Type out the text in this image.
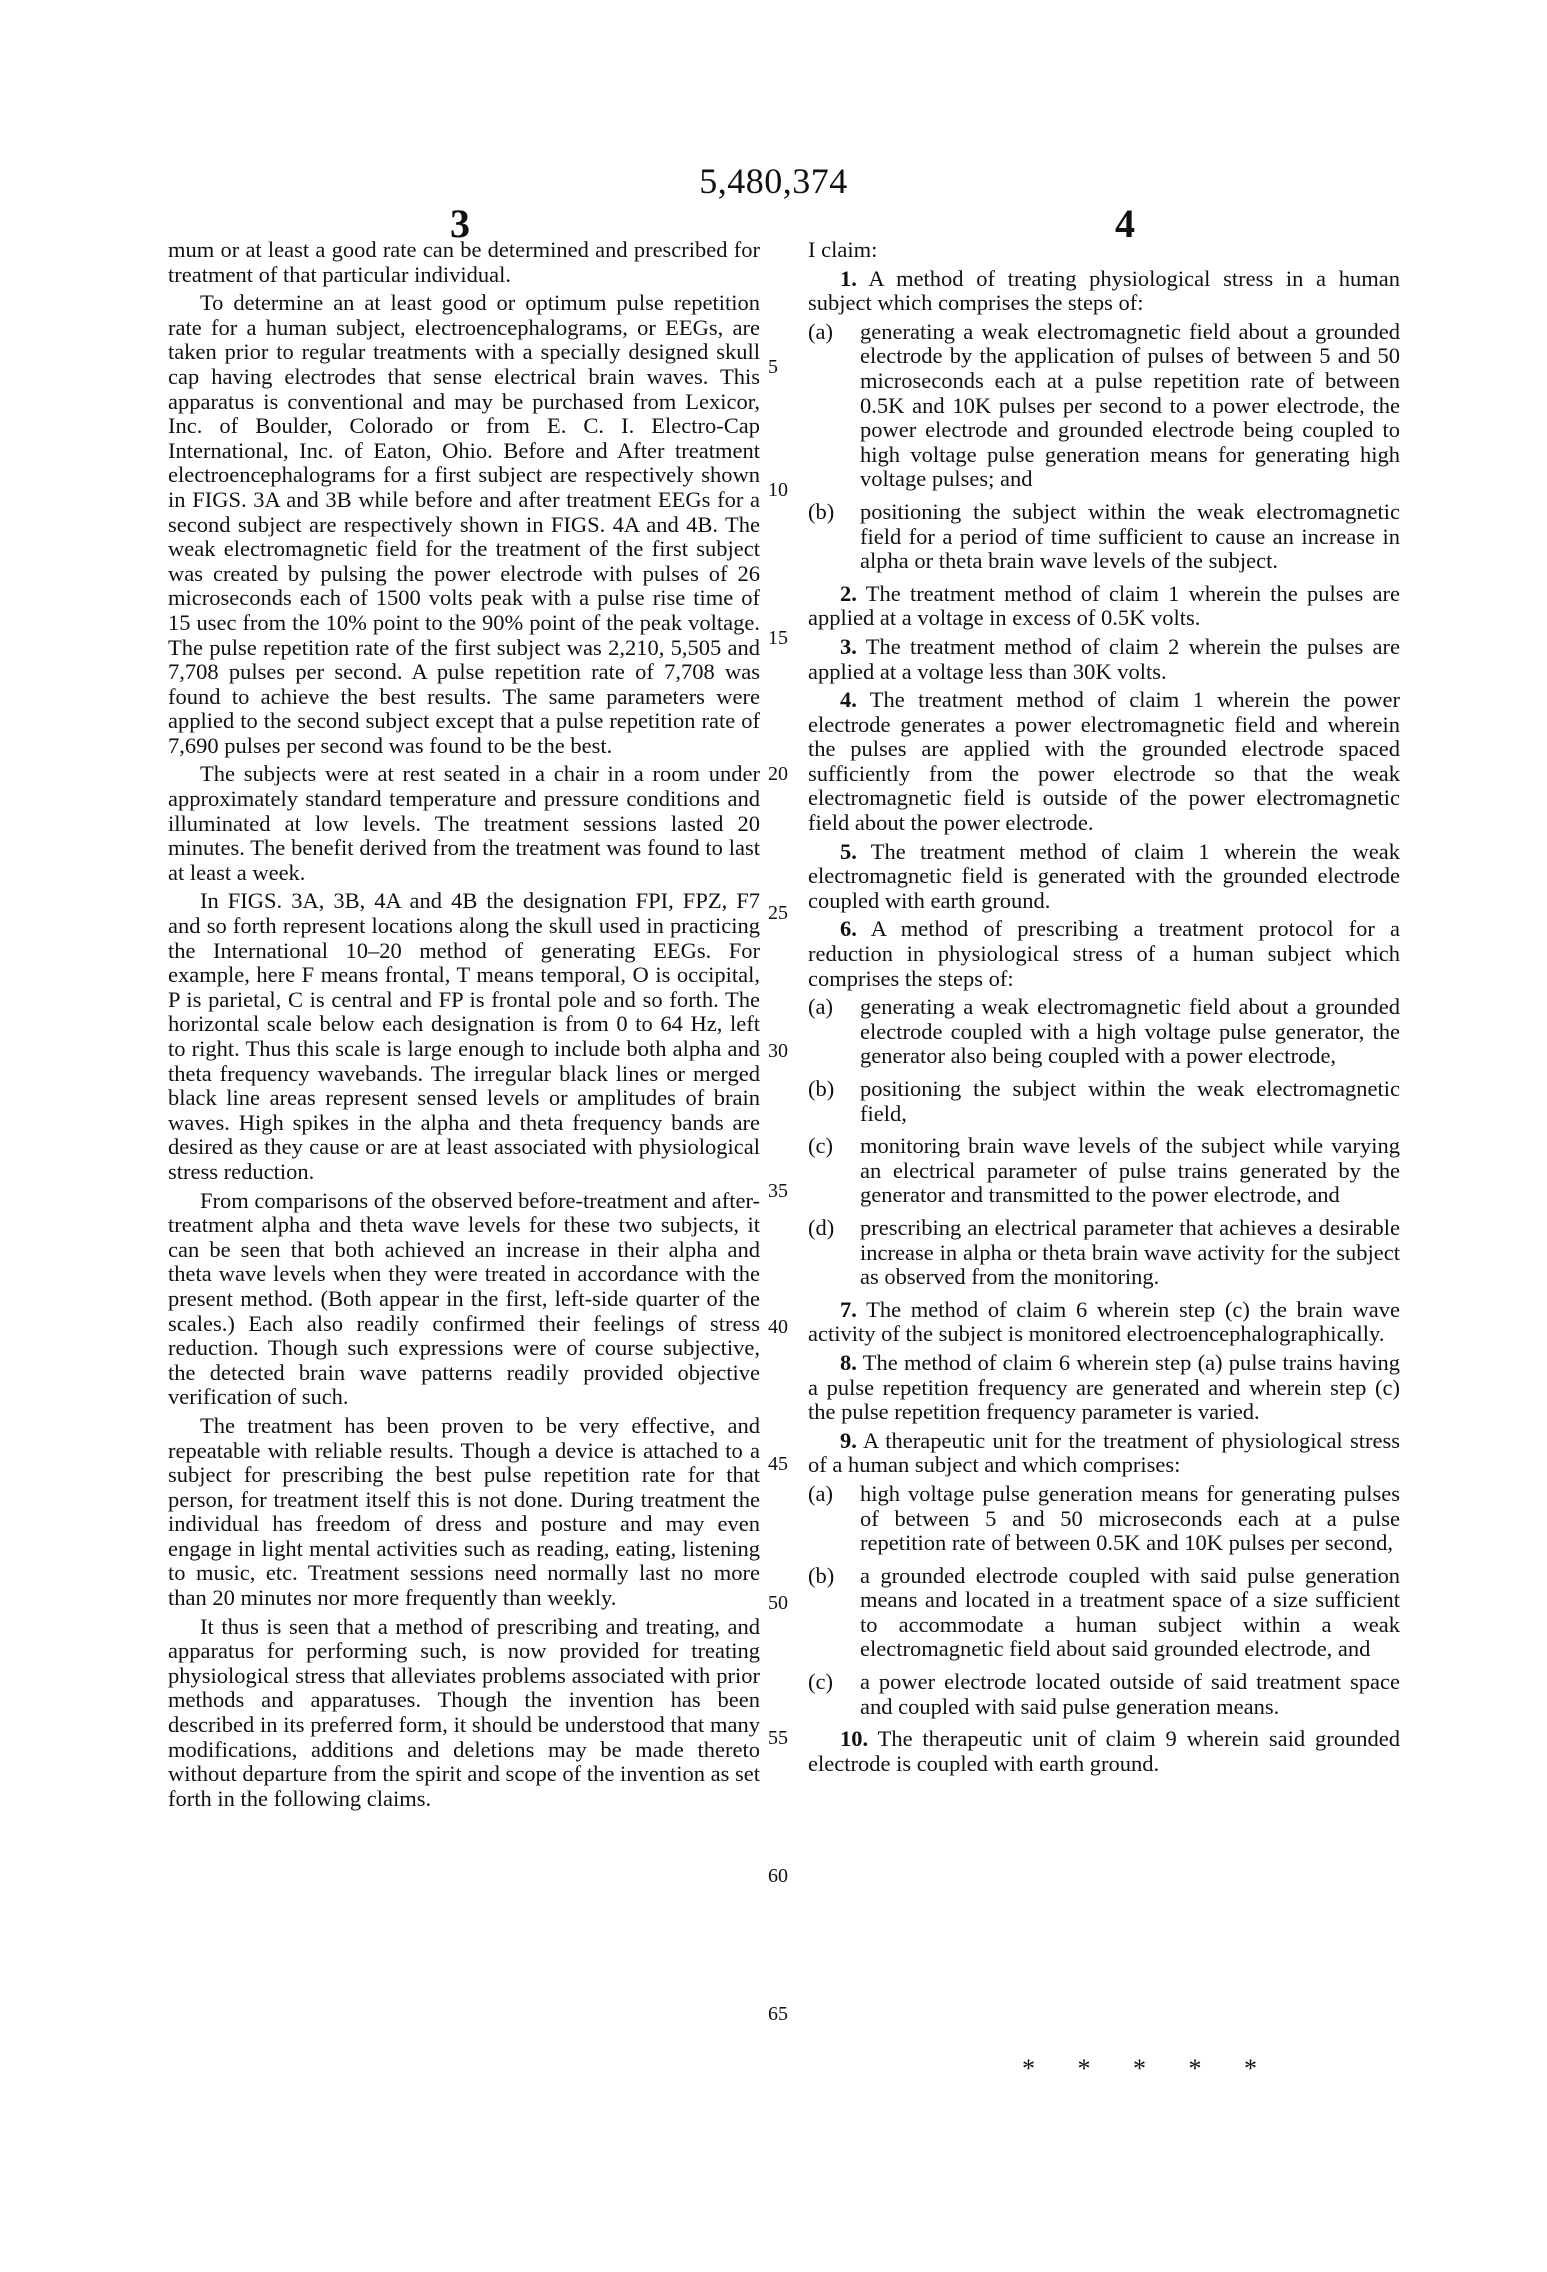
5,480,374
3	4

mum or at least a good rate can be determined and prescribed for treatment of that particular individual.

To determine an at least good or optimum pulse repetition rate for a human subject, electroencephalograms, or EEGs, are taken prior to regular treatments with a specially designed skull cap having electrodes that sense electrical brain waves. This apparatus is conventional and may be purchased from Lexicor, Inc. of Boulder, Colorado or from E. C. I. Electro-Cap International, Inc. of Eaton, Ohio. Before and After treatment electroencephalograms for a first subject are respectively shown in FIGS. 3A and 3B while before and after treatment EEGs for a second subject are respectively shown in FIGS. 4A and 4B. The weak electromagnetic field for the treatment of the first subject was created by pulsing the power electrode with pulses of 26 microseconds each of 1500 volts peak with a pulse rise time of 15 usec from the 10% point to the 90% point of the peak voltage. The pulse repetition rate of the first subject was 2,210, 5,505 and 7,708 pulses per second. A pulse repetition rate of 7,708 was found to achieve the best results. The same parameters were applied to the second subject except that a pulse repetition rate of 7,690 pulses per second was found to be the best.

The subjects were at rest seated in a chair in a room under approximately standard temperature and pressure conditions and illuminated at low levels. The treatment sessions lasted 20 minutes. The benefit derived from the treatment was found to last at least a week.

In FIGS. 3A, 3B, 4A and 4B the designation FPI, FPZ, F7 and so forth represent locations along the skull used in practicing the International 10–20 method of generating EEGs. For example, here F means frontal, T means temporal, O is occipital, P is parietal, C is central and FP is frontal pole and so forth. The horizontal scale below each designation is from 0 to 64 Hz, left to right. Thus this scale is large enough to include both alpha and theta frequency wavebands. The irregular black lines or merged black line areas represent sensed levels or amplitudes of brain waves. High spikes in the alpha and theta frequency bands are desired as they cause or are at least associated with physiological stress reduction.

From comparisons of the observed before-treatment and after-treatment alpha and theta wave levels for these two subjects, it can be seen that both achieved an increase in their alpha and theta wave levels when they were treated in accordance with the present method. (Both appear in the first, left-side quarter of the scales.) Each also readily confirmed their feelings of stress reduction. Though such expressions were of course subjective, the detected brain wave patterns readily provided objective verification of such.

The treatment has been proven to be very effective, and repeatable with reliable results. Though a device is attached to a subject for prescribing the best pulse repetition rate for that person, for treatment itself this is not done. During treatment the individual has freedom of dress and posture and may even engage in light mental activities such as reading, eating, listening to music, etc. Treatment sessions need normally last no more than 20 minutes nor more frequently than weekly.

It thus is seen that a method of prescribing and treating, and apparatus for performing such, is now provided for treating physiological stress that alleviates problems associated with prior methods and apparatuses. Though the invention has been described in its preferred form, it should be understood that many modifications, additions and deletions may be made thereto without departure from the spirit and scope of the invention as set forth in the following claims.

5
10
15
20
25
30
35
40
45
50
55
60
65

I claim:

1. A method of treating physiological stress in a human subject which comprises the steps of:
(a) generating a weak electromagnetic field about a grounded electrode by the application of pulses of between 5 and 50 microseconds each at a pulse repetition rate of between 0.5K and 10K pulses per second to a power electrode, the power electrode and grounded electrode being coupled to high voltage pulse generation means for generating high voltage pulses; and
(b) positioning the subject within the weak electromagnetic field for a period of time sufficient to cause an increase in alpha or theta brain wave levels of the subject.
2. The treatment method of claim 1 wherein the pulses are applied at a voltage in excess of 0.5K volts.
3. The treatment method of claim 2 wherein the pulses are applied at a voltage less than 30K volts.
4. The treatment method of claim 1 wherein the power electrode generates a power electromagnetic field and wherein the pulses are applied with the grounded electrode spaced sufficiently from the power electrode so that the weak electromagnetic field is outside of the power electromagnetic field about the power electrode.
5. The treatment method of claim 1 wherein the weak electromagnetic field is generated with the grounded electrode coupled with earth ground.
6. A method of prescribing a treatment protocol for a reduction in physiological stress of a human subject which comprises the steps of:
(a) generating a weak electromagnetic field about a grounded electrode coupled with a high voltage pulse generator, the generator also being coupled with a power electrode,
(b) positioning the subject within the weak electromagnetic field,
(c) monitoring brain wave levels of the subject while varying an electrical parameter of pulse trains generated by the generator and transmitted to the power electrode, and
(d) prescribing an electrical parameter that achieves a desirable increase in alpha or theta brain wave activity for the subject as observed from the monitoring.
7. The method of claim 6 wherein step (c) the brain wave activity of the subject is monitored electroencephalographically.
8. The method of claim 6 wherein step (a) pulse trains having a pulse repetition frequency are generated and wherein step (c) the pulse repetition frequency parameter is varied.
9. A therapeutic unit for the treatment of physiological stress of a human subject and which comprises:
(a) high voltage pulse generation means for generating pulses of between 5 and 50 microseconds each at a pulse repetition rate of between 0.5K and 10K pulses per second,
(b) a grounded electrode coupled with said pulse generation means and located in a treatment space of a size sufficient to accommodate a human subject within a weak electromagnetic field about said grounded electrode, and
(c) a power electrode located outside of said treatment space and coupled with said pulse generation means.
10. The therapeutic unit of claim 9 wherein said grounded electrode is coupled with earth ground.
* * * * *
